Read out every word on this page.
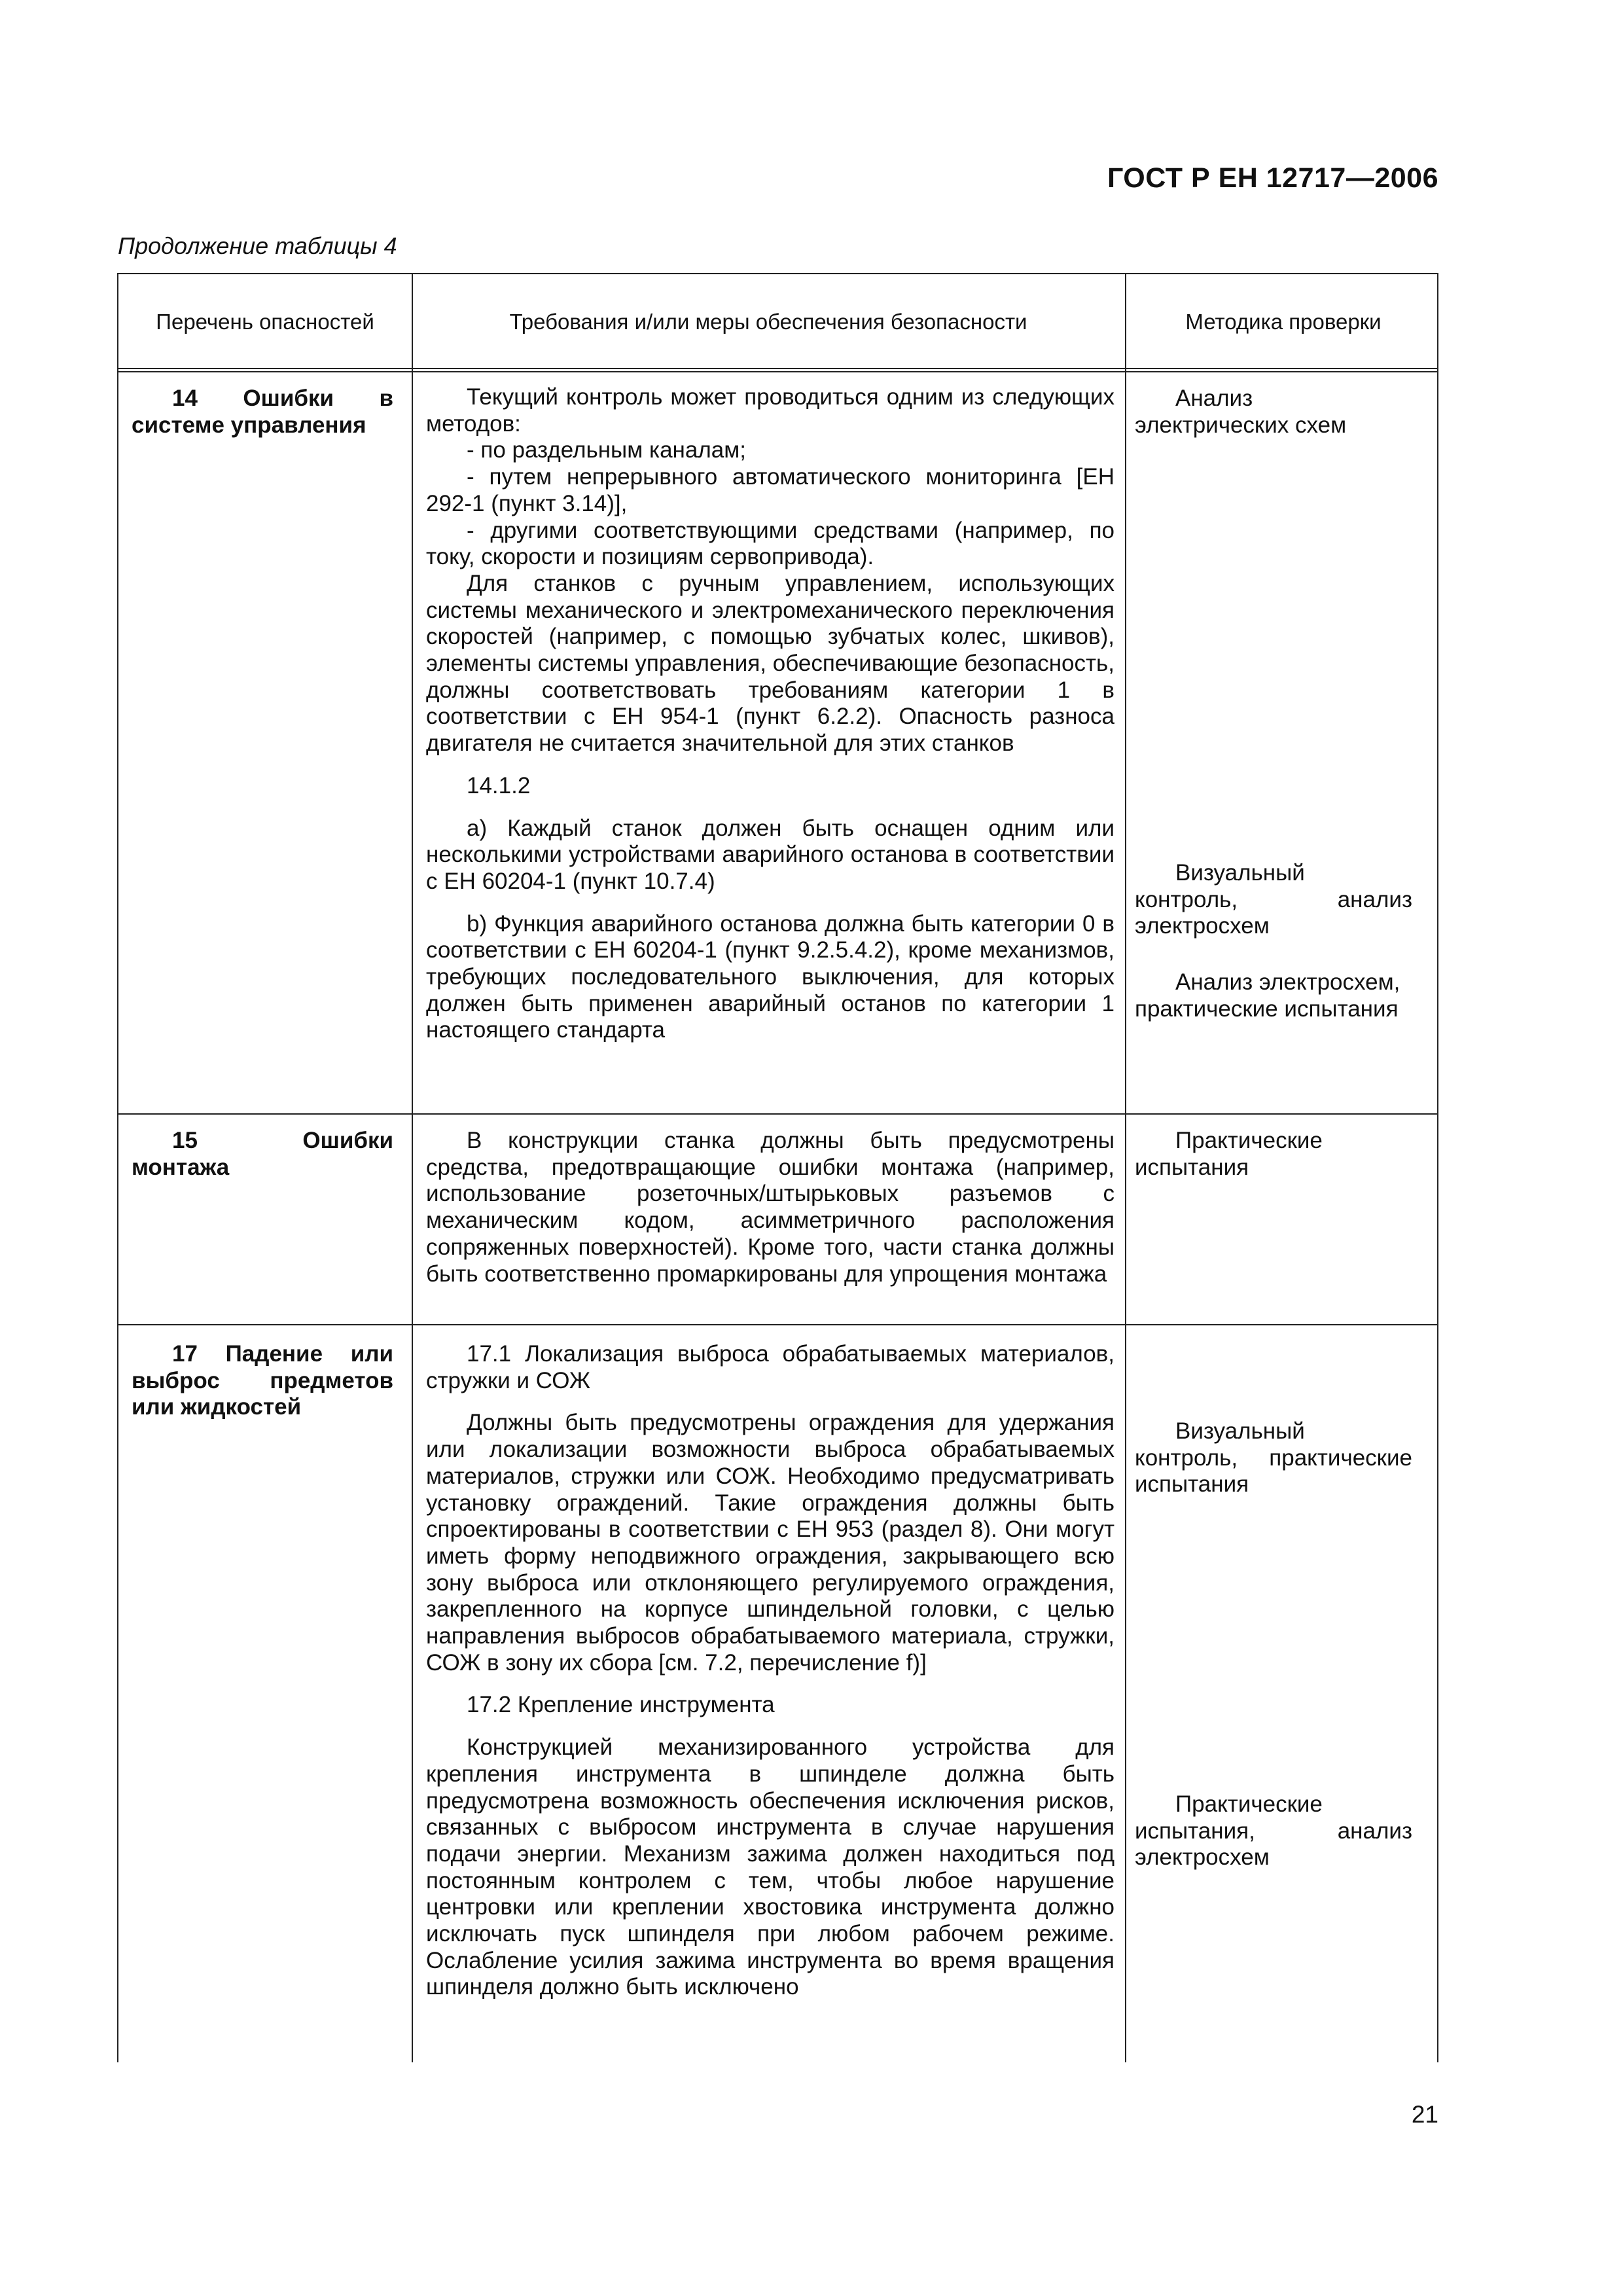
ГОСТ Р ЕН 12717—2006
Продолжение таблицы 4
Перечень опасностей	Требования и/или меры обеспечения безопасности	Методика проверки
14 Ошибки в системе управления

Текущий контроль может проводиться одним из следующих методов:

- по раздельным каналам;

- путем непрерывного автоматического мониторинга [ЕН 292-1 (пункт 3.14)],

- другими соответствующими средствами (например, по току, скорости и позициям сервопривода).

Для станков с ручным управлением, использующих системы механического и электромеханического переключения скоростей (например, с помощью зубчатых колес, шкивов), элементы системы управления, обеспечивающие безопасность, должны соответствовать требованиям категории 1 в соответствии с ЕН 954-1 (пункт 6.2.2). Опасность разноса двигателя не считается значительной для этих станков

14.1.2

a) Каждый станок должен быть оснащен одним или несколькими устройствами аварийного останова в соответствии с ЕН 60204-1 (пункт 10.7.4)

b) Функция аварийного останова должна быть категории 0 в соответствии с ЕН 60204-1 (пункт 9.2.5.4.2), кроме механизмов, требующих последовательного выключения, для которых должен быть применен аварийный останов по категории 1 настоящего стандарта

Анализ электрических схем
Визуальный контроль, анализ электросхем
Анализ электросхем, практические испытания
15 Ошибки монтажа
В конструкции станка должны быть предусмотрены средства, предотвращающие ошибки монтажа (например, использование розеточных/штырьковых разъемов с механическим кодом, асимметричного расположения сопряженных поверхностей). Кроме того, части станка должны быть соответственно промаркированы для упрощения монтажа
Практические испытания
17 Падение или выброс предметов или жидкостей

17.1 Локализация выброса обрабатываемых материалов, стружки и СОЖ

Должны быть предусмотрены ограждения для удержания или локализации возможности выброса обрабатываемых материалов, стружки или СОЖ. Необходимо предусматривать установку ограждений. Такие ограждения должны быть спроектированы в соответствии с ЕН 953 (раздел 8). Они могут иметь форму неподвижного ограждения, закрывающего всю зону выброса или отклоняющего регулируемого ограждения, закрепленного на корпусе шпиндельной головки, с целью направления выбросов обрабатываемого материала, стружки, СОЖ в зону их сбора [см. 7.2, перечисление f)]

17.2 Крепление инструмента

Конструкцией механизированного устройства для крепления инструмента в шпинделе должна быть предусмотрена возможность обеспечения исключения рисков, связанных с выбросом инструмента в случае нарушения подачи энергии. Механизм зажима должен находиться под постоянным контролем с тем, чтобы любое нарушение центровки или креплении хвостовика инструмента должно исключать пуск шпинделя при любом рабочем режиме. Ослабление усилия зажима инструмента во время вращения шпинделя должно быть исключено

Визуальный контроль, практические испытания
Практические испытания, анализ электросхем
21
